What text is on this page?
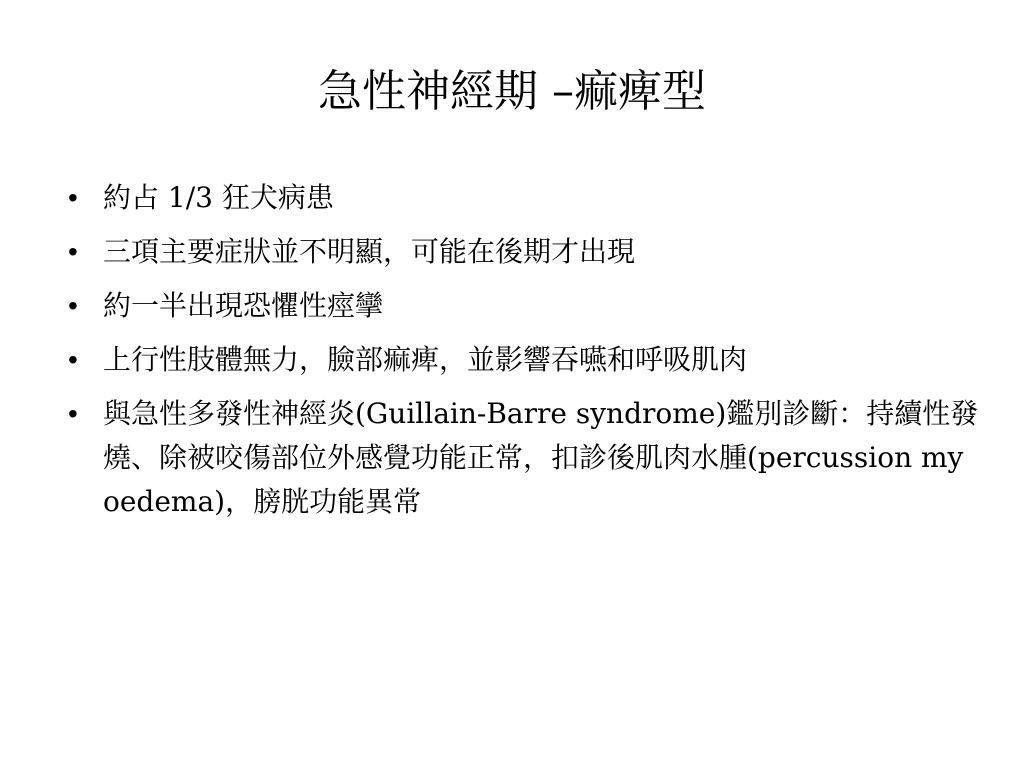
急性神經期 –痲痺型
• 約占 1/3 狂犬病患
• 三項主要症狀並不明顯，可能在後期才出現
• 約一半出現恐懼性痙攣
• 上行性肢體無力，臉部痲痺，並影響吞嚥和呼吸肌肉
• 與急性多發性神經炎(Guillain-Barre syndrome)鑑別診斷：持續性發燒、除被咬傷部位外感覺功能正常，扣診後肌肉水腫(percussion myoedema)，膀胱功能異常
